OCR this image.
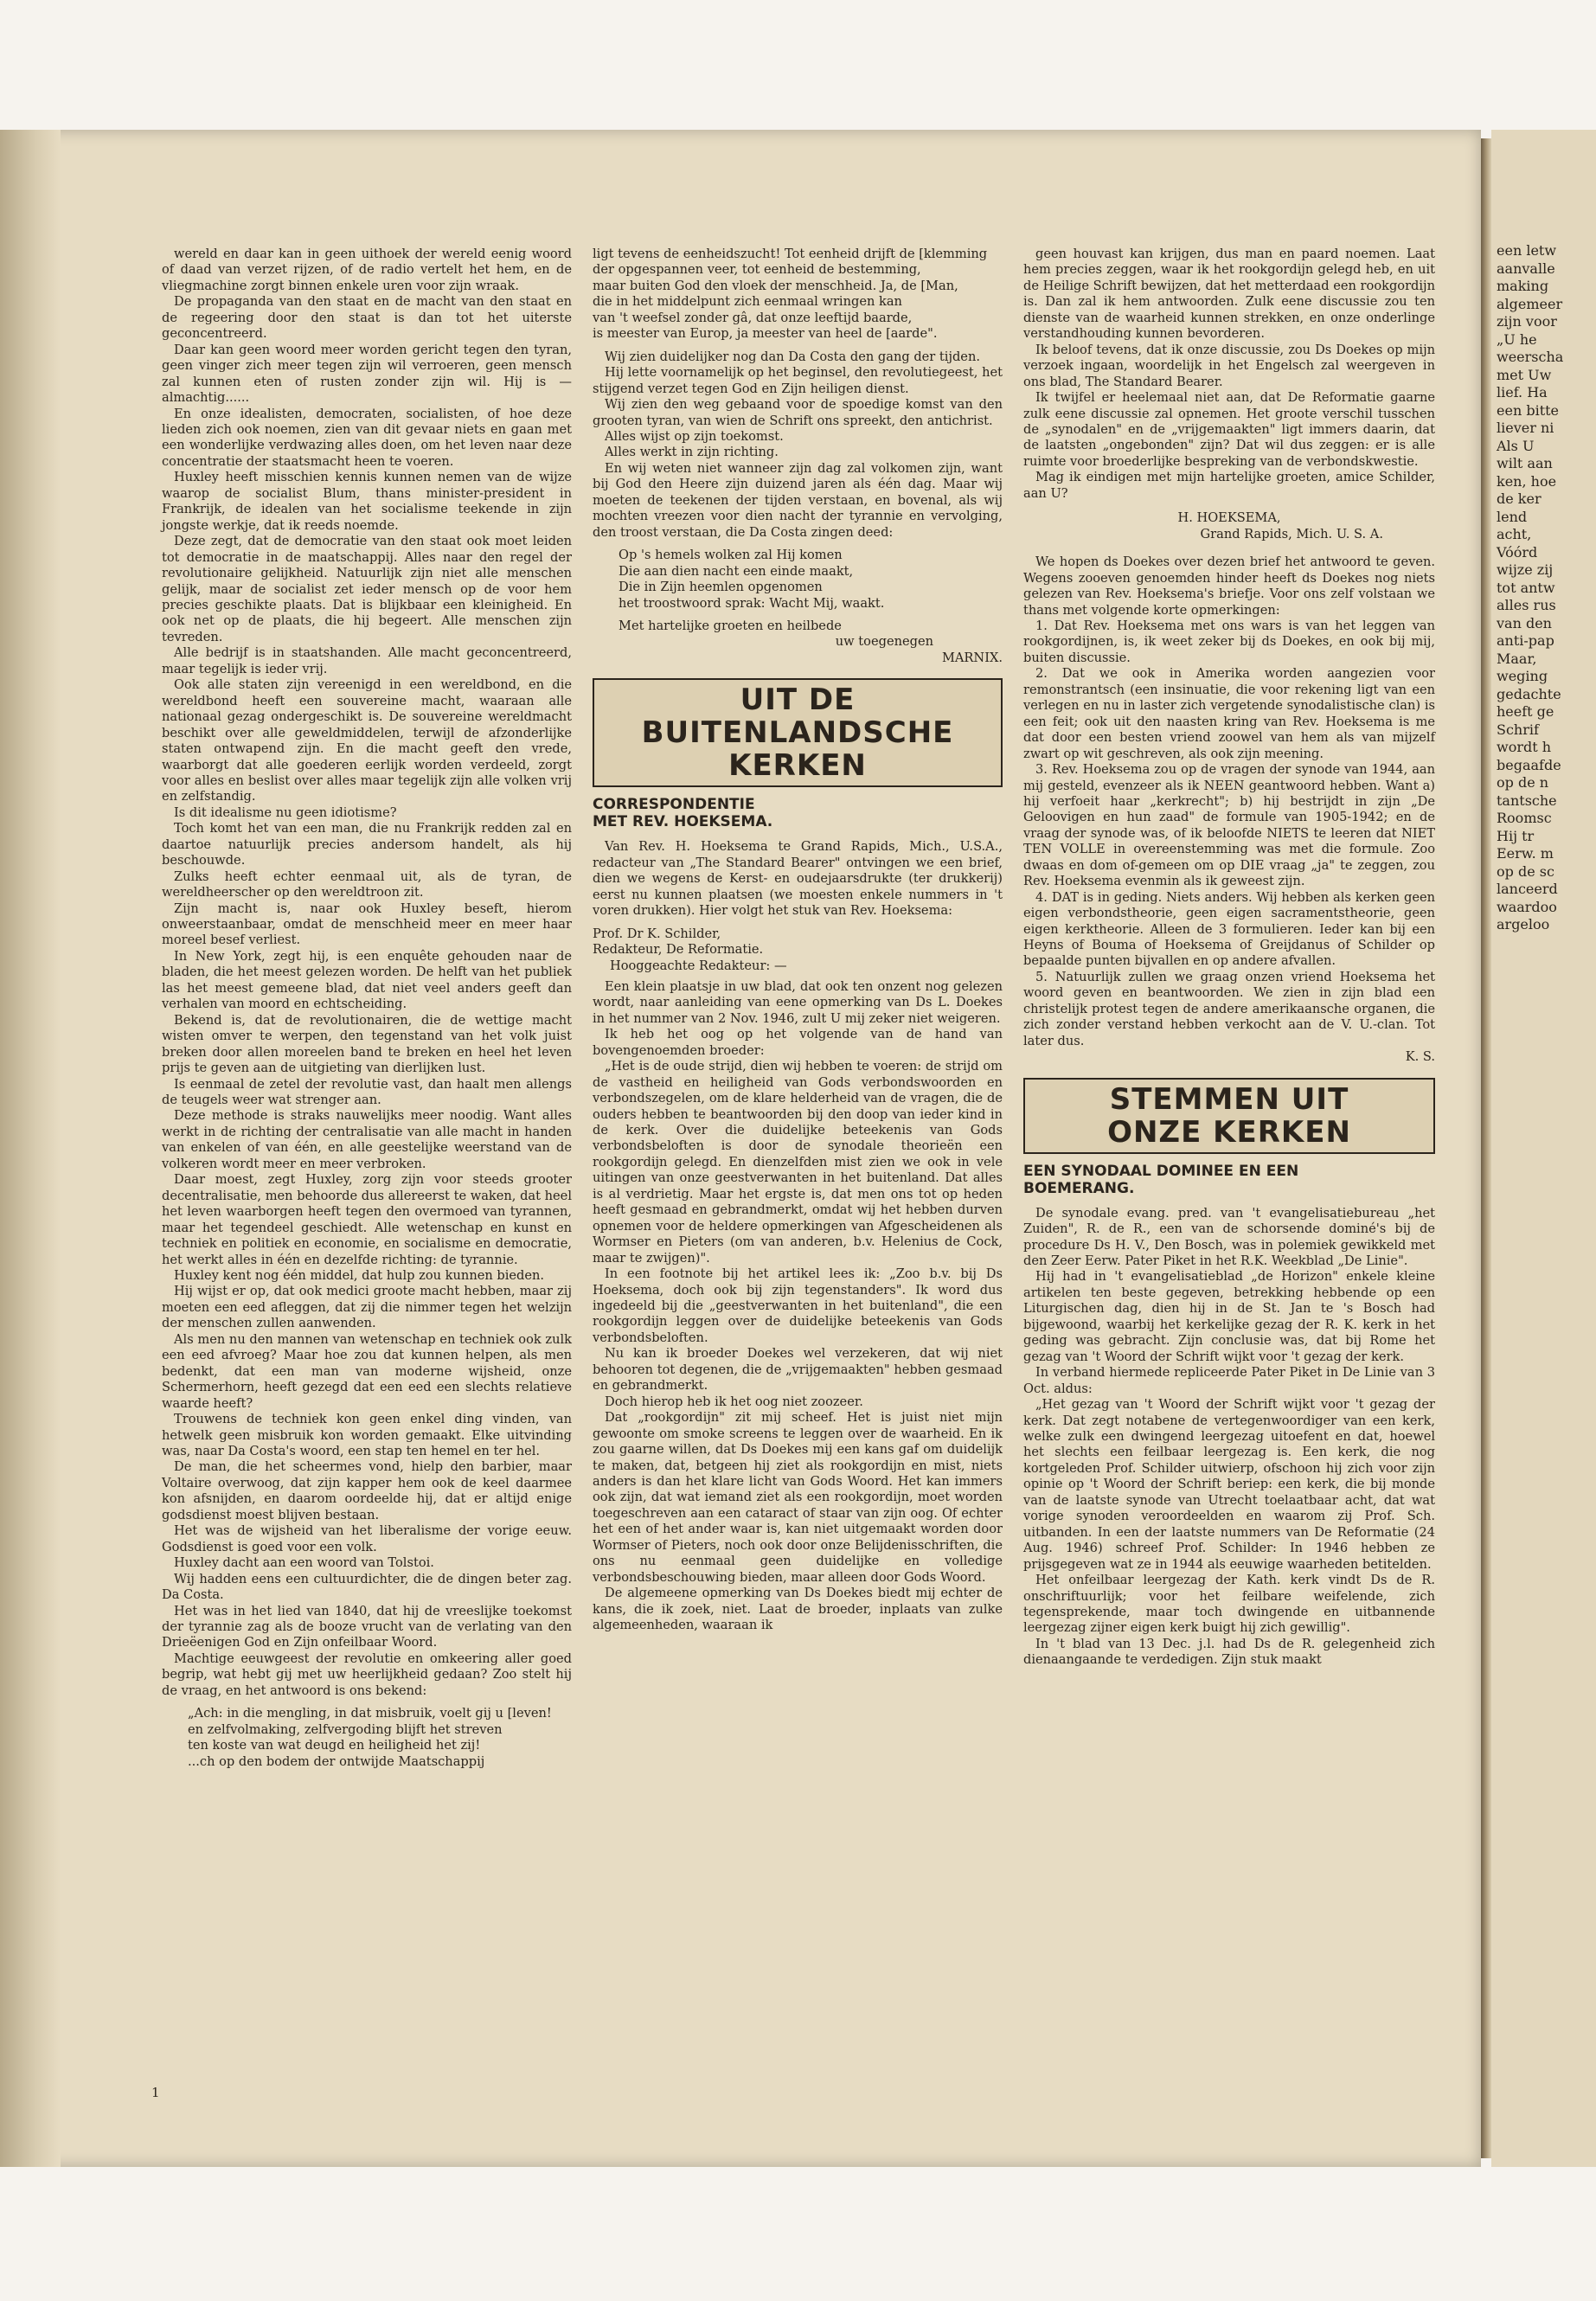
een letw
aanvalle
making
algemeer
zijn voor
„U he
weerscha
met Uw
lief. Ha
een bitte
liever ni
Als U
wilt aan
ken, hoe
de ker
lend
acht,
Vóórd
wijze zij
tot antw
alles rus
van den
anti-pap
Maar,
weging
gedachte
heeft ge
Schrif
wordt h
begaafde
op de n
tantsche
Roomsc
Hij tr
Eerw. m
op de sc
lanceerd
waardoo
argeloo

wereld en daar kan in geen uithoek der wereld eenig woord of daad van verzet rijzen, of de radio vertelt het hem, en de vliegmachine zorgt binnen enkele uren voor zijn wraak.

De propaganda van den staat en de macht van den staat en de regeering door den staat is dan tot het uiterste geconcentreerd.

Daar kan geen woord meer worden gericht tegen den tyran, geen vinger zich meer tegen zijn wil verroeren, geen mensch zal kunnen eten of rusten zonder zijn wil. Hij is — almachtig......

En onze idealisten, democraten, socialisten, of hoe deze lieden zich ook noemen, zien van dit gevaar niets en gaan met een wonderlijke verdwazing alles doen, om het leven naar deze concentratie der staatsmacht heen te voeren.

Huxley heeft misschien kennis kunnen nemen van de wijze waarop de socialist Blum, thans minister-president in Frankrijk, de idealen van het socialisme teekende in zijn jongste werkje, dat ik reeds noemde.

Deze zegt, dat de democratie van den staat ook moet leiden tot democratie in de maatschappij. Alles naar den regel der revolutionaire gelijkheid. Natuurlijk zijn niet alle menschen gelijk, maar de socialist zet ieder mensch op de voor hem precies geschikte plaats. Dat is blijkbaar een kleinigheid. En ook net op de plaats, die hij begeert. Alle menschen zijn tevreden.

Alle bedrijf is in staatshanden. Alle macht geconcentreerd, maar tegelijk is ieder vrij.

Ook alle staten zijn vereenigd in een wereldbond, en die wereldbond heeft een souvereine macht, waaraan alle nationaal gezag ondergeschikt is. De souvereine wereldmacht beschikt over alle geweldmiddelen, terwijl de afzonderlijke staten ontwapend zijn. En die macht geeft den vrede, waarborgt dat alle goederen eerlijk worden verdeeld, zorgt voor alles en beslist over alles maar tegelijk zijn alle volken vrij en zelfstandig.

Is dit idealisme nu geen idiotisme?

Toch komt het van een man, die nu Frankrijk redden zal en daartoe natuurlijk precies andersom handelt, als hij beschouwde.

Zulks heeft echter eenmaal uit, als de tyran, de wereldheerscher op den wereldtroon zit.

Zijn macht is, naar ook Huxley beseft, hierom onweerstaanbaar, omdat de menschheid meer en meer haar moreel besef verliest.

In New York, zegt hij, is een enquête gehouden naar de bladen, die het meest gelezen worden. De helft van het publiek las het meest gemeene blad, dat niet veel anders geeft dan verhalen van moord en echtscheiding.

Bekend is, dat de revolutionairen, die de wettige macht wisten omver te werpen, den tegenstand van het volk juist breken door allen moreelen band te breken en heel het leven prijs te geven aan de uitgieting van dierlijken lust.

Is eenmaal de zetel der revolutie vast, dan haalt men allengs de teugels weer wat strenger aan.

Deze methode is straks nauwelijks meer noodig. Want alles werkt in de richting der centralisatie van alle macht in handen van enkelen of van één, en alle geestelijke weerstand van de volkeren wordt meer en meer verbroken.

Daar moest, zegt Huxley, zorg zijn voor steeds grooter decentralisatie, men behoorde dus allereerst te waken, dat heel het leven waarborgen heeft tegen den overmoed van tyrannen, maar het tegendeel geschiedt. Alle wetenschap en kunst en techniek en politiek en economie, en socialisme en democratie, het werkt alles in één en dezelfde richting: de tyrannie.

Huxley kent nog één middel, dat hulp zou kunnen bieden.

Hij wijst er op, dat ook medici groote macht hebben, maar zij moeten een eed afleggen, dat zij die nimmer tegen het welzijn der menschen zullen aanwenden.

Als men nu den mannen van wetenschap en techniek ook zulk een eed afvroeg? Maar hoe zou dat kunnen helpen, als men bedenkt, dat een man van moderne wijsheid, onze Schermerhorn, heeft gezegd dat een eed een slechts relatieve waarde heeft?

Trouwens de techniek kon geen enkel ding vinden, van hetwelk geen misbruik kon worden gemaakt. Elke uitvinding was, naar Da Costa's woord, een stap ten hemel en ter hel.

De man, die het scheermes vond, hielp den barbier, maar Voltaire overwoog, dat zijn kapper hem ook de keel daarmee kon afsnijden, en daarom oordeelde hij, dat er altijd enige godsdienst moest blijven bestaan.

Het was de wijsheid van het liberalisme der vorige eeuw. Godsdienst is goed voor een volk.

Huxley dacht aan een woord van Tolstoi.

Wij hadden eens een cultuurdichter, die de dingen beter zag. Da Costa.

Het was in het lied van 1840, dat hij de vreeslijke toekomst der tyrannie zag als de booze vrucht van de verlating van den Drieëenigen God en Zijn onfeilbaar Woord.

Machtige eeuwgeest der revolutie en omkeering aller goed begrip, wat hebt gij met uw heerlijkheid gedaan? Zoo stelt hij de vraag, en het antwoord is ons bekend:

„Ach: in die mengling, in dat misbruik, voelt gij u [leven!
en zelfvolmaking, zelfvergoding blijft het streven
ten koste van wat deugd en heiligheid het zij!
...ch op den bodem der ontwijde Maatschappij
ligt tevens de eenheidszucht! Tot eenheid drijft de [klemming
der opgespannen veer, tot eenheid de bestemming,
maar buiten God den vloek der menschheid. Ja, de [Man,
die in het middelpunt zich eenmaal wringen kan
van 't weefsel zonder gâ, dat onze leeftijd baarde,
is meester van Europ, ja meester van heel de [aarde".

Wij zien duidelijker nog dan Da Costa den gang der tijden.

Hij lette voornamelijk op het beginsel, den revolutiegeest, het stijgend verzet tegen God en Zijn heiligen dienst.

Wij zien den weg gebaand voor de spoedige komst van den grooten tyran, van wien de Schrift ons spreekt, den antichrist.

Alles wijst op zijn toekomst.

Alles werkt in zijn richting.

En wij weten niet wanneer zijn dag zal volkomen zijn, want bij God den Heere zijn duizend jaren als één dag. Maar wij moeten de teekenen der tijden verstaan, en bovenal, als wij mochten vreezen voor dien nacht der tyrannie en vervolging, den troost verstaan, die Da Costa zingen deed:

Op 's hemels wolken zal Hij komen
Die aan dien nacht een einde maakt,
Die in Zijn heemlen opgenomen
het troostwoord sprak: Wacht Mij, waakt.

Met hartelijke groeten en heilbede

uw toegenegen

MARNIX.

UIT DE
BUITENLANDSCHE KERKEN
CORRESPONDENTIE
MET REV. HOEKSEMA.

Van Rev. H. Hoeksema te Grand Rapids, Mich., U.S.A., redacteur van „The Standard Bearer" ontvingen we een brief, dien we wegens de Kerst- en oudejaarsdrukte (ter drukkerij) eerst nu kunnen plaatsen (we moesten enkele nummers in 't voren drukken). Hier volgt het stuk van Rev. Hoeksema:

Prof. Dr K. Schilder,

Redakteur, De Reformatie.

Hooggeachte Redakteur: —

Een klein plaatsje in uw blad, dat ook ten onzent nog gelezen wordt, naar aanleiding van eene opmerking van Ds L. Doekes in het nummer van 2 Nov. 1946, zult U mij zeker niet weigeren.

Ik heb het oog op het volgende van de hand van bovengenoemden broeder:

„Het is de oude strijd, dien wij hebben te voeren: de strijd om de vastheid en heiligheid van Gods verbondswoorden en verbondszegelen, om de klare helderheid van de vragen, die de ouders hebben te beantwoorden bij den doop van ieder kind in de kerk. Over die duidelijke beteekenis van Gods verbondsbeloften is door de synodale theorieën een rookgordijn gelegd. En dienzelfden mist zien we ook in vele uitingen van onze geestverwanten in het buitenland. Dat alles is al verdrietig. Maar het ergste is, dat men ons tot op heden heeft gesmaad en gebrandmerkt, omdat wij het hebben durven opnemen voor de heldere opmerkingen van Afgescheidenen als Wormser en Pieters (om van anderen, b.v. Helenius de Cock, maar te zwijgen)".

In een footnote bij het artikel lees ik: „Zoo b.v. bij Ds Hoeksema, doch ook bij zijn tegenstanders". Ik word dus ingedeeld bij die „geestverwanten in het buitenland", die een rookgordijn leggen over de duidelijke beteekenis van Gods verbondsbeloften.

Nu kan ik broeder Doekes wel verzekeren, dat wij niet behooren tot degenen, die de „vrijgemaakten" hebben gesmaad en gebrandmerkt.

Doch hierop heb ik het oog niet zoozeer.

Dat „rookgordijn" zit mij scheef. Het is juist niet mijn gewoonte om smoke screens te leggen over de waarheid. En ik zou gaarne willen, dat Ds Doekes mij een kans gaf om duidelijk te maken, dat, betgeen hij ziet als rookgordijn en mist, niets anders is dan het klare licht van Gods Woord. Het kan immers ook zijn, dat wat iemand ziet als een rookgordijn, moet worden toegeschreven aan een cataract of staar van zijn oog. Of echter het een of het ander waar is, kan niet uitgemaakt worden door Wormser of Pieters, noch ook door onze Belijdenisschriften, die ons nu eenmaal geen duidelijke en volledige verbondsbeschouwing bieden, maar alleen door Gods Woord.

De algemeene opmerking van Ds Doekes biedt mij echter de kans, die ik zoek, niet. Laat de broeder, inplaats van zulke algemeenheden, waaraan ik

geen houvast kan krijgen, dus man en paard noemen. Laat hem precies zeggen, waar ik het rookgordijn gelegd heb, en uit de Heilige Schrift bewijzen, dat het metterdaad een rookgordijn is. Dan zal ik hem antwoorden. Zulk eene discussie zou ten dienste van de waarheid kunnen strekken, en onze onderlinge verstandhouding kunnen bevorderen.

Ik beloof tevens, dat ik onze discussie, zou Ds Doekes op mijn verzoek ingaan, woordelijk in het Engelsch zal weergeven in ons blad, The Standard Bearer.

Ik twijfel er heelemaal niet aan, dat De Reformatie gaarne zulk eene discussie zal opnemen. Het groote verschil tusschen de „synodalen" en de „vrijgemaakten" ligt immers daarin, dat de laatsten „ongebonden" zijn? Dat wil dus zeggen: er is alle ruimte voor broederlijke bespreking van de verbondskwestie.

Mag ik eindigen met mijn hartelijke groeten, amice Schilder, aan U?

H. HOEKSEMA,

Grand Rapids, Mich. U. S. A.

We hopen ds Doekes over dezen brief het antwoord te geven. Wegens zooeven genoemden hinder heeft ds Doekes nog niets gelezen van Rev. Hoeksema's briefje. Voor ons zelf volstaan we thans met volgende korte opmerkingen:

1. Dat Rev. Hoeksema met ons wars is van het leggen van rookgordijnen, is, ik weet zeker bij ds Doekes, en ook bij mij, buiten discussie.

2. Dat we ook in Amerika worden aangezien voor remonstrantsch (een insinuatie, die voor rekening ligt van een verlegen en nu in laster zich vergetende synodalistische clan) is een feit; ook uit den naasten kring van Rev. Hoeksema is me dat door een besten vriend zoowel van hem als van mijzelf zwart op wit geschreven, als ook zijn meening.

3. Rev. Hoeksema zou op de vragen der synode van 1944, aan mij gesteld, evenzeer als ik NEEN geantwoord hebben. Want a) hij verfoeit haar „kerkrecht"; b) hij bestrijdt in zijn „De Geloovigen en hun zaad" de formule van 1905-1942; en de vraag der synode was, of ik beloofde NIETS te leeren dat NIET TEN VOLLE in overeenstemming was met die formule. Zoo dwaas en dom of-gemeen om op DIE vraag „ja" te zeggen, zou Rev. Hoeksema evenmin als ik geweest zijn.

4. DAT is in geding. Niets anders. Wij hebben als kerken geen eigen verbondstheorie, geen eigen sacramentstheorie, geen eigen kerktheorie. Alleen de 3 formulieren. Ieder kan bij een Heyns of Bouma of Hoeksema of Greijdanus of Schilder op bepaalde punten bijvallen en op andere afvallen.

5. Natuurlijk zullen we graag onzen vriend Hoeksema het woord geven en beantwoorden. We zien in zijn blad een christelijk protest tegen de andere amerikaansche organen, die zich zonder verstand hebben verkocht aan de V. U.-clan. Tot later dus.

K. S.

STEMMEN UIT
ONZE KERKEN
EEN SYNODAAL DOMINEE EN EEN
BOEMERANG.

De synodale evang. pred. van 't evangelisatiebureau „het Zuiden", R. de R., een van de schorsende dominé's bij de procedure Ds H. V., Den Bosch, was in polemiek gewikkeld met den Zeer Eerw. Pater Piket in het R.K. Weekblad „De Linie".

Hij had in 't evangelisatieblad „de Horizon" enkele kleine artikelen ten beste gegeven, betrekking hebbende op een Liturgischen dag, dien hij in de St. Jan te 's Bosch had bijgewoond, waarbij het kerkelijke gezag der R. K. kerk in het geding was gebracht. Zijn conclusie was, dat bij Rome het gezag van 't Woord der Schrift wijkt voor 't gezag der kerk.

In verband hiermede repliceerde Pater Piket in De Linie van 3 Oct. aldus:

„Het gezag van 't Woord der Schrift wijkt voor 't gezag der kerk. Dat zegt notabene de vertegenwoordiger van een kerk, welke zulk een dwingend leergezag uitoefent en dat, hoewel het slechts een feilbaar leergezag is. Een kerk, die nog kortgeleden Prof. Schilder uitwierp, ofschoon hij zich voor zijn opinie op 't Woord der Schrift beriep: een kerk, die bij monde van de laatste synode van Utrecht toelaatbaar acht, dat wat vorige synoden veroordeelden en waarom zij Prof. Sch. uitbanden. In een der laatste nummers van De Reformatie (24 Aug. 1946) schreef Prof. Schilder: In 1946 hebben ze prijsgegeven wat ze in 1944 als eeuwige waarheden betitelden.

Het onfeilbaar leergezag der Kath. kerk vindt Ds de R. onschriftuurlijk; voor het feilbare weifelende, zich tegensprekende, maar toch dwingende en uitbannende leergezag zijner eigen kerk buigt hij zich gewillig".

In 't blad van 13 Dec. j.l. had Ds de R. gelegenheid zich dienaangaande te verdedigen. Zijn stuk maakt

1
